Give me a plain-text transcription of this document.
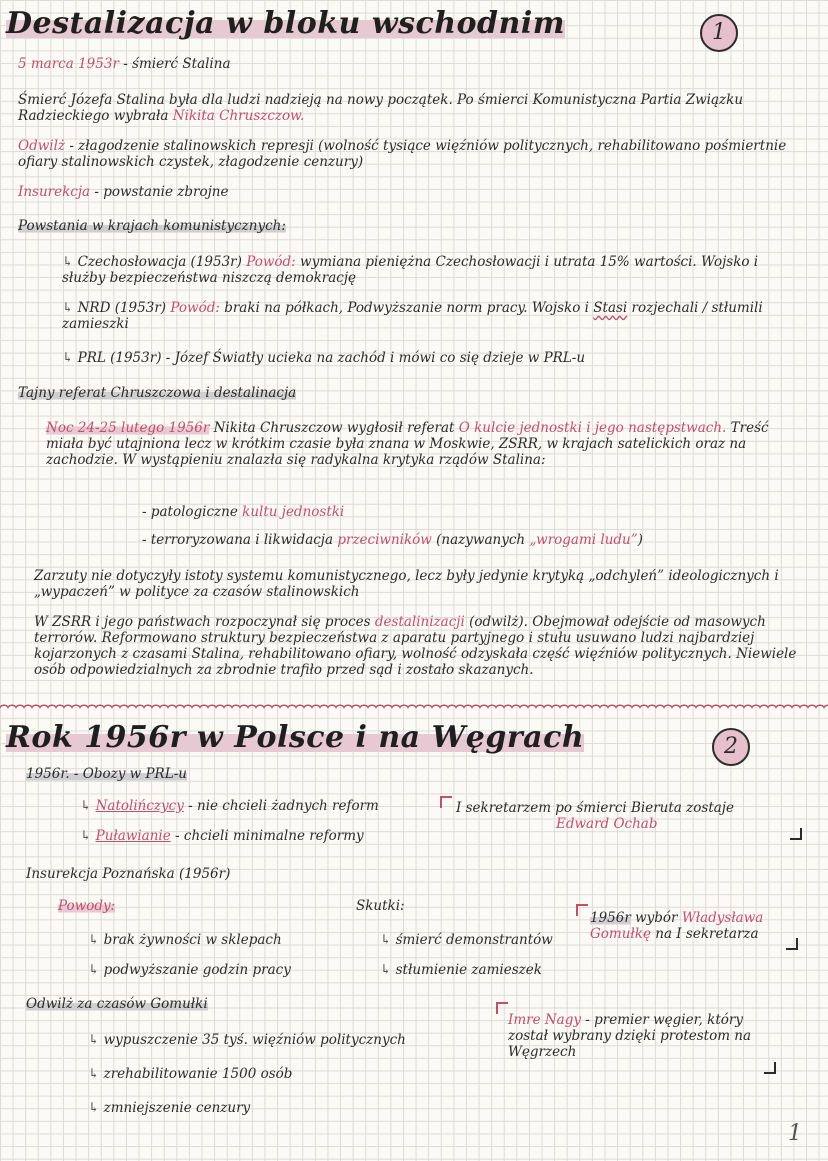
Destalizacja w bloku wschodnim	1
5 marca 1953r - śmierć Stalina
Śmierć Józefa Stalina była dla ludzi nadzieją na nowy początek. Po śmierci Komunistyczna Partia Związku Radzieckiego wybrała Nikita Chruszczow.
Odwilż - złagodzenie stalinowskich represji (wolność tysiące więźniów politycznych, rehabilitowano pośmiertnie ofiary stalinowskich czystek, złagodzenie cenzury)
Insurekcja - powstanie zbrojne
Powstania w krajach komunistycznych:
↳ Czechosłowacja (1953r) Powód: wymiana pieniężna Czechosłowacji i utrata 15% wartości. Wojsko i służby bezpieczeństwa niszczą demokrację
↳ NRD (1953r) Powód: braki na półkach, Podwyższanie norm pracy. Wojsko i Stasi rozjechali / stłumili zamieszki
↳ PRL (1953r) - Józef Światły ucieka na zachód i mówi co się dzieje w PRL-u
Tajny referat Chruszczowa i destalinacja
Noc 24-25 lutego 1956r Nikita Chruszczow wygłosił referat O kulcie jednostki i jego następstwach. Treść miała być utajniona lecz w krótkim czasie była znana w Moskwie, ZSRR, w krajach satelickich oraz na zachodzie. W wystąpieniu znalazła się radykalna krytyka rządów Stalina:
- patologiczne kultu jednostki
- terroryzowana i likwidacja przeciwników (nazywanych „wrogami ludu”)
Zarzuty nie dotyczyły istoty systemu komunistycznego, lecz były jedynie krytyką „odchyleń” ideologicznych i „wypaczeń” w polityce za czasów stalinowskich
W ZSRR i jego państwach rozpoczynał się proces destalinizacji (odwilż). Obejmował odejście od masowych terrorów. Reformowano struktury bezpieczeństwa z aparatu partyjnego i stułu usuwano ludzi najbardziej kojarzonych z czasami Stalina, rehabilitowano ofiary, wolność odzyskała część więźniów politycznych. Niewiele osób odpowiedzialnych za zbrodnie trafiło przed sąd i zostało skazanych.
Rok 1956r w Polsce i na Węgrach	2
1956r. - Obozy w PRL-u
↳ Natolińczycy - nie chcieli żadnych reform
↳ Puławianie - chcieli minimalne reformy
I sekretarzem po śmierci Bieruta zostaje
Edward Ochab
Insurekcja Poznańska (1956r)
Powody:
↳ brak żywności w sklepach
↳ podwyższanie godzin pracy
Skutki:
↳ śmierć demonstrantów
↳ stłumienie zamieszek
1956r wybór Władysława Gomułkę na I sekretarza
Odwilż za czasów Gomułki
↳ wypuszczenie 35 tyś. więźniów politycznych
↳ zrehabilitowanie 1500 osób
↳ zmniejszenie cenzury
Imre Nagy - premier węgier, który został wybrany dzięki protestom na Węgrzech
1
